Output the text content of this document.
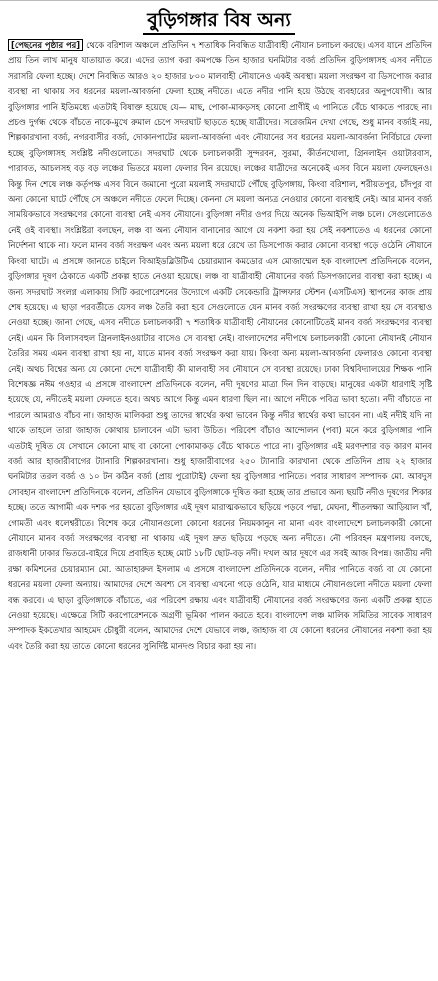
বুড়িগঙ্গার বিষ অন্য

[পেছনের পৃষ্ঠার পর] থেকে বরিশাল অঞ্চলে প্রতিদিন ৭ শতাধিক নিবন্ধিত যাত্রীবাহী নৌযান চলাচল করছে। এসব যানে প্রতিদিন প্রায় তিন লাখ মানুষ যাতায়াত করে। এদের ত্যাগ করা কমপক্ষে তিন হাজার ঘনমিটার বর্জ্য প্রতিদিন বুড়িগঙ্গাসহ এসব নদীতে সরাসরি ফেলা হচ্ছে। দেশে নিবন্ধিত আরও ২০ হাজার ৮০০ মালবাহী নৌযানেও একই অবস্থা। ময়লা সংরক্ষণ বা ডিসপোজ করার ব্যবস্থা না থাকায় সব ধরনের ময়লা-আবর্জনা ফেলা হচ্ছে নদীতে। এতে নদীর পানি হয়ে উঠছে ব্যবহারের অনুপযোগী। আর বুড়িগঙ্গার পানি ইতিমধ্যে এতটাই বিষাক্ত হয়েছে যে— মাছ, পোকা-মাকড়সহ কোনো প্রাণীই এ পানিতে বেঁচে থাকতে পারছে না। প্রচণ্ড দুর্গন্ধ থেকে বাঁচতে নাকে-মুখে রুমাল চেপে সদরঘাট ছাড়তে হচ্ছে যাত্রীদের। সরেজমিন দেখা গেছে, শুধু মানব বর্জ্যই নয়, শিল্পকারখানা বর্জ্য, নগরবাসীর বর্জ্য, দোকানপাটের ময়লা-আবর্জনা এবং নৌযানের সব ধরনের ময়লা-আবর্জনা নির্বিচারে ফেলা হচ্ছে বুড়িগঙ্গাসহ সংশ্লিষ্ট নদীগুলোতে। সদরঘাট থেকে চলাচলকারী সুন্দরবন, সুরমা, কীর্তনখোলা, গ্রিনলাইন ওয়াটারবাস, পারাবত, আচলসহ বড় বড় লঞ্চের ভিতরে ময়লা ফেলার বিন রয়েছে। লঞ্চের যাত্রীদের অনেকেই এসব বিনে ময়লা ফেলছেনও। কিন্তু দিন শেষে লঞ্চ কর্তৃপক্ষ এসব বিনে জমানো পুরো ময়লাই সদরঘাটে পৌঁছে বুড়িগঙ্গায়, কিংবা বরিশাল, শরীয়তপুর, চাঁদপুর বা অন্য কোনো ঘাটে পৌঁছে সে অঞ্চলে নদীতে ফেলে দিচ্ছে। কেননা সে ময়লা অন্যত্র নেওয়ার কোনো ব্যবস্থাই নেই। আর মানব বর্জ্য সাময়িকভাবে সংরক্ষণের কোনো ব্যবস্থা নেই এসব নৌযানে। বুড়িগঙ্গা নদীর ওপর দিয়ে অনেক ভিআইপি লঞ্চ চলে। সেগুলোতেও নেই ওই ব্যবস্থা। সংশ্লিষ্টরা বলছেন, লঞ্চ বা অন্য নৌযান বানানোর আগে যে নকশা করা হয় সেই নকশাতেও এ ধরনের কোনো নির্দেশনা থাকে না। ফলে মানব বর্জ্য সংরক্ষণ এবং অন্য ময়লা ধরে রেখে তা ডিসপোজ করার কোনো ব্যবস্থা গড়ে ওঠেনি নৌযানে কিংবা ঘাটে। এ প্রসঙ্গে জানতে চাইলে বিআইডব্লিউটিএ চেয়ারম্যান কমডোর এস মোজাম্মেল হক বাংলাদেশ প্রতিদিনকে বলেন, বুড়িগঙ্গার দূষণ ঠেকাতে একটি প্রকল্প হাতে নেওয়া হয়েছে। লঞ্চ বা যাত্রীবাহী নৌযানের বর্জ্য ডিসপজালের ব্যবস্থা করা হচ্ছে। এ জন্য সদরঘাট সংলগ্ন এলাকায় সিটি করপোরেশনের উদ্যোগে একটি সেকেন্ডারি ট্রান্সফার স্টেশন (এসটিএস) স্থাপনের কাজ প্রায় শেষ হয়েছে। এ ছাড়া পরবর্তীতে যেসব লঞ্চ তৈরি করা হবে সেগুলোতে যেন মানব বর্জ্য সংরক্ষণের ব্যবস্থা রাখা হয় সে ব্যবস্থাও নেওয়া হচ্ছে। জানা গেছে, এসব নদীতে চলাচলকারী ৭ শতাধিক যাত্রীবাহী নৌযানের কোনোটিতেই মানব বর্জ্য সংরক্ষণের ব্যবস্থা নেই। এমন কি বিলাসবহুল গ্রিনলাইনওয়াটার বাসেও সে ব্যবস্থা নেই। বাংলাদেশের নদীপথে চলাচলকারী কোনো নৌযানই নৌযান তৈরির সময় এমন ব্যবস্থা রাখা হয় না, যাতে মানব বর্জ্য সংরক্ষণ করা যায়। কিংবা অন্য ময়লা-আবর্জনা ফেলারও কোনো ব্যবস্থা নেই। অথচ বিশ্বের অন্য যে কোনো দেশে যাত্রীবাহী কী মালবাহী সব নৌযানে সে ব্যবস্থা রয়েছে। ঢাকা বিশ্ববিদ্যালয়ের শিক্ষক পানি বিশেষজ্ঞ নঈম গওহার এ প্রসঙ্গে বাংলাদেশ প্রতিদিনকে বলেন, নদী দূষণের মাত্রা দিন দিন বাড়ছে। মানুষের একটা ধারণাই সৃষ্টি হয়েছে যে, নদীতেই ময়লা ফেলতে হবে। অথচ আগে কিন্তু এমন ধারণা ছিল না। আগে নদীকে পবিত্র ভাবা হতো। নদী বাঁচাতে না পারলে আমরাও বাঁচব না। জাহাজ মালিকরা শুধু তাদের স্বার্থের কথা ভাবেন কিন্তু নদীর স্বার্থের কথা ভাবেন না। এই নদীই যদি না থাকে তাহলে তারা জাহাজ কোথায় চালাবেন এটা ভাবা উচিত। পরিবেশ বাঁচাও আন্দোলন (পবা) মনে করে বুড়িগঙ্গার পানি এতটাই দূষিত যে সেখানে কোনো মাছ বা কোনো পোকামাকড় বেঁচে থাকতে পারে না। বুড়িগঙ্গার এই মরণদশার বড় কারণ মানব বর্জ্য আর হাজারীবাগের ট্যানারি শিল্পকারখানা। শুধু হাজারীবাগের ২৫০ ট্যানারি কারখানা থেকে প্রতিদিন প্রায় ২২ হাজার ঘনমিটার তরল বর্জ্য ও ১০ টন কঠিন বর্জ্য (প্রায় পুরোটাই) ফেলা হয় বুড়িগঙ্গার পানিতে। পবার সাধারণ সম্পাদক মো. আবদুস সোবহান বাংলাদেশ প্রতিদিনকে বলেন, প্রতিদিন যেভাবে বুড়িগঙ্গাকে দূষিত করা হচ্ছে তার প্রভাবে অন্য ছয়টি নদীও দূষণের শিকার হচ্ছে। ততে আগামী এক দশক পর হয়তো বুড়িগঙ্গার এই দূষণ মারাত্মকভাবে ছড়িয়ে পড়বে পদ্মা, মেঘনা, শীতলক্ষ্যা আড়িয়াল খাঁ, গোমতী এবং ধলেশ্বরীতে। বিশেষ করে নৌযানগুলো কোনো ধরনের নিয়মকানুন না মানা এবং বাংলাদেশে চলাচলকারী কোনো নৌযানে মানব বর্জ্য সংরক্ষণের ব্যবস্থা না থাকায় এই দূষণ দ্রুত ছড়িয়ে পড়ছে অন্য নদীতে। নৌ পরিবহন মন্ত্রণালয় বলছে, রাজধানী ঢাকার ভিতরে-বাইরে দিয়ে প্রবাহিত হচ্ছে মোট ১৮টি ছোট-বড় নদী। দখল আর দূষণে এর সবই আজ বিপন্ন। জাতীয় নদী রক্ষা কমিশনের চেয়ারম্যান মো. আতাহারুল ইসলাম এ প্রসঙ্গে বাংলাদেশ প্রতিদিনকে বলেন, নদীর পানিতে বর্জ্য বা যে কোনো ধরনের ময়লা ফেলা অন্যায়। আমাদের দেশে অবশ্য সে ব্যবস্থা এখনো গড়ে ওঠেনি, যার মাধ্যমে নৌযানগুলো নদীতে ময়লা ফেলা বন্ধ করবে। এ ছাড়া বুড়িগঙ্গাকে বাঁচাতে, এর পরিবেশ রক্ষায় এবং যাত্রীবাহী নৌযানের বর্জ্য সংরক্ষণের জন্য একটি প্রকল্প হাতে নেওয়া হয়েছে। এক্ষেত্রে সিটি করপোরেশনকে অগ্রণী ভূমিকা পালন করতে হবে। বাংলাদেশ লঞ্চ মালিক সমিতির সাবেক সাধারণ সম্পাদক ইকতেখার আহমেদ চৌধুরী বলেন, আমাদের দেশে যেভাবে লঞ্চ, জাহাজ বা যে কোনো ধরনের নৌযানের নকশা করা হয় এবং তৈরি করা হয় তাতে কোনো ধরনের সুনির্দিষ্ট মানদণ্ড বিচার করা হয় না।
